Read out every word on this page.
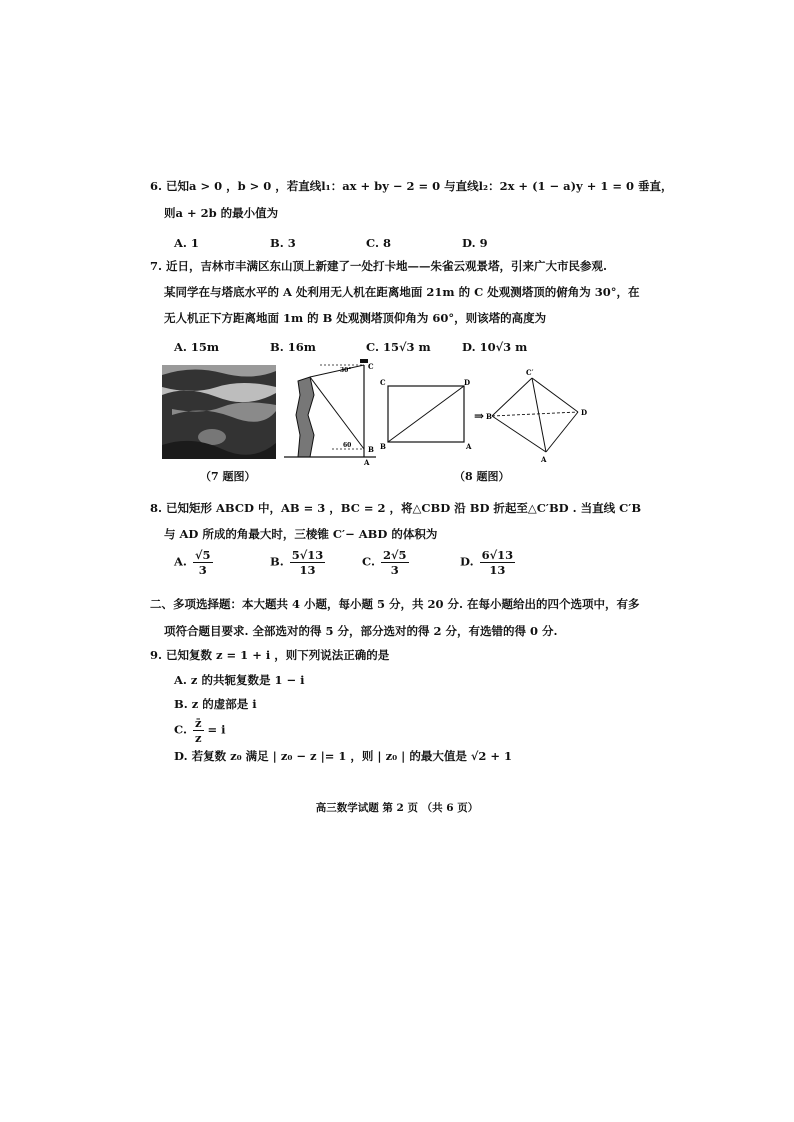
6. 已知a > 0 ，b > 0 ，若直线l₁：ax + by − 2 = 0 与直线l₂：2x + (1 − a)y + 1 = 0 垂直，
则a + 2b 的最小值为
A. 1	B. 3	C. 8	D. 9
7. 近日，吉林市丰满区东山顶上新建了一处打卡地——朱雀云观景塔，引来广大市民参观.
某同学在与塔底水平的 A 处利用无人机在距离地面 21m 的 C 处观测塔顶的俯角为 30°，在
无人机正下方距离地面 1m 的 B 处观测塔顶仰角为 60°，则该塔的高度为
A. 15m	B. 16m	C. 15√3 m	D. 10√3 m
C
B
A
30°
60
C	D
B	A
⇒
C′
B	D
A
（7 题图）	（8 题图）
8. 已知矩形 ABCD 中，AB = 3 ，BC = 2 ，将△CBD 沿 BD 折起至△C′BD . 当直线 C′B
与 AD 所成的角最大时，三棱锥 C′− ABD 的体积为
A. $\frac{√5}{3}$	B. $\frac{5√13}{13}$	C. $\frac{2√5}{3}$	D. $\frac{6√13}{13}$
二、多项选择题：本大题共 4 小题，每小题 5 分，共 20 分. 在每小题给出的四个选项中，有多
项符合题目要求. 全部选对的得 5 分，部分选对的得 2 分，有选错的得 0 分.
9. 已知复数 z = 1 + i ，则下列说法正确的是
A. z 的共轭复数是 1 − i
B. z 的虚部是 i
C. $\frac{z̄}{z} = i$
D. 若复数 z₀ 满足 | z₀ − z |= 1 ，则 | z₀ | 的最大值是 √2 + 1
高三数学试题 第 2 页 （共 6 页）
